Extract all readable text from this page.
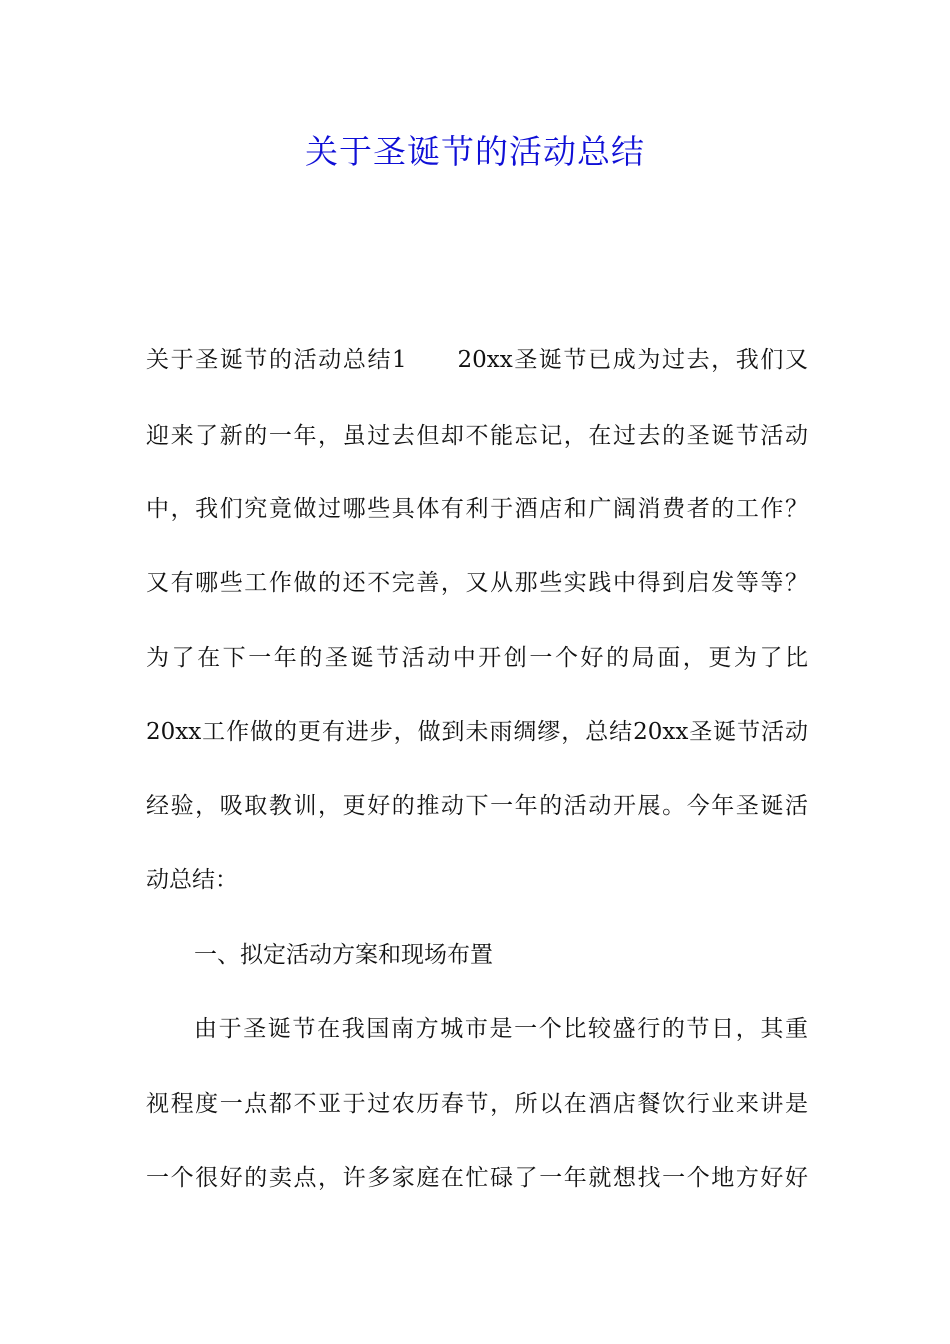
关于圣诞节的活动总结
关于圣诞节的活动总结1　　20xx圣诞节已成为过去，我们又
迎来了新的一年，虽过去但却不能忘记，在过去的圣诞节活动
中，我们究竟做过哪些具体有利于酒店和广阔消费者的工作？
又有哪些工作做的还不完善，又从那些实践中得到启发等等？
为了在下一年的圣诞节活动中开创一个好的局面，更为了比
20xx工作做的更有进步，做到未雨绸缪，总结20xx圣诞节活动
经验，吸取教训，更好的推动下一年的活动开展。今年圣诞活
动总结：
一、拟定活动方案和现场布置
由于圣诞节在我国南方城市是一个比较盛行的节日，其重
视程度一点都不亚于过农历春节，所以在酒店餐饮行业来讲是
一个很好的卖点，许多家庭在忙碌了一年就想找一个地方好好
